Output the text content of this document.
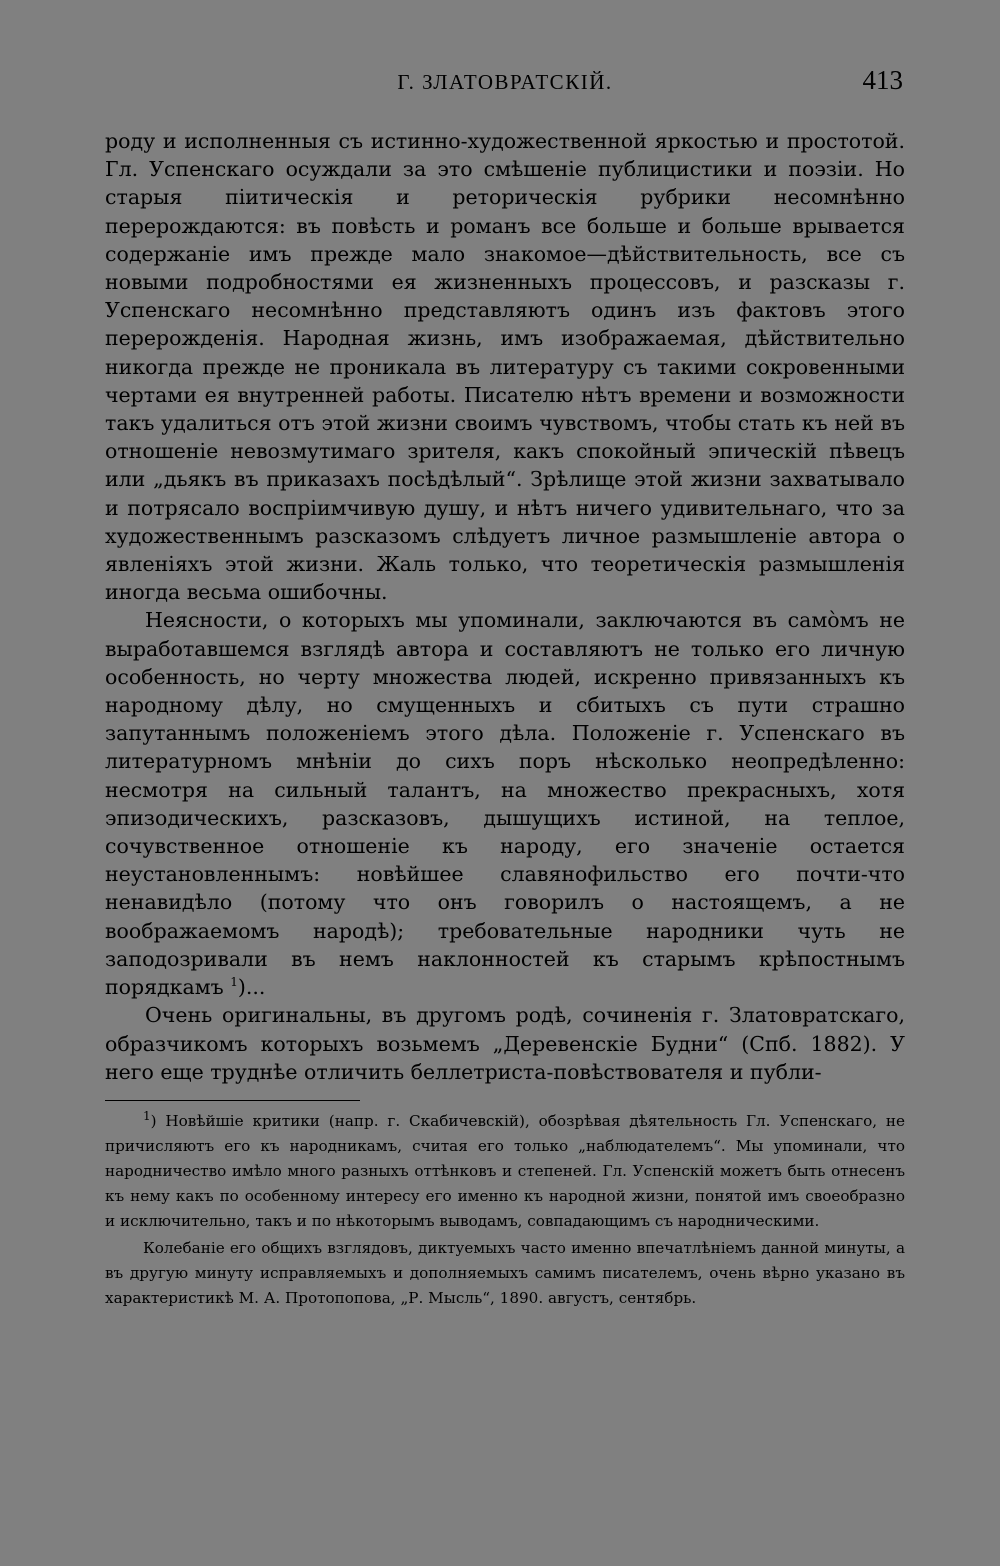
Г. ЗЛАТОВРАТСКІЙ.	413

роду и исполненныя съ истинно-художественной яркостью и простотой. Гл. Успенскаго осуждали за это смѣшеніе публицистики и поэзіи. Но старыя піитическія и реторическія рубрики несомнѣнно перерождаются: въ повѣсть и романъ все больше и больше врывается содержаніе имъ прежде мало знакомое—дѣйствительность, все съ новыми подробностями ея жизненныхъ процессовъ, и разсказы г. Успенскаго несомнѣнно представляютъ одинъ изъ фактовъ этого перерожденія. Народная жизнь, имъ изображаемая, дѣйствительно никогда прежде не проникала въ литературу съ такими сокровенными чертами ея внутренней работы. Писателю нѣтъ времени и возможности такъ удалиться отъ этой жизни своимъ чувствомъ, чтобы стать къ ней въ отношеніе невозмутимаго зрителя, какъ спокойный эпическій пѣвецъ или „дьякъ въ приказахъ посѣдѣлый“. Зрѣлище этой жизни захватывало и потрясало воспріимчивую душу, и нѣтъ ничего удивительнаго, что за художественнымъ разсказомъ слѣдуетъ личное размышленіе автора о явленіяхъ этой жизни. Жаль только, что теоретическія размышленія иногда весьма ошибочны.

Неясности, о которыхъ мы упоминали, заключаются въ самòмъ не выработавшемся взглядѣ автора и составляютъ не только его личную особенность, но черту множества людей, искренно привязанныхъ къ народному дѣлу, но смущенныхъ и сбитыхъ съ пути страшно запутаннымъ положеніемъ этого дѣла. Положеніе г. Успенскаго въ литературномъ мнѣніи до сихъ поръ нѣсколько неопредѣленно: несмотря на сильный талантъ, на множество прекрасныхъ, хотя эпизодическихъ, разсказовъ, дышущихъ истиной, на теплое, сочувственное отношеніе къ народу, его значеніе остается неустановленнымъ: новѣйшее славянофильство его почти-что ненавидѣло (потому что онъ говорилъ о настоящемъ, а не воображаемомъ народѣ); требовательные народники чуть не заподозривали въ немъ наклонностей къ старымъ крѣпостнымъ порядкамъ $^1$)...

Очень оригинальны, въ другомъ родѣ, сочиненія г. Златовратскаго, образчикомъ которыхъ возьмемъ „Деревенскіе Будни“ (Спб. 1882). У него еще труднѣе отличить беллетриста-повѣствователя и публи-

$^1$) Новѣйшіе критики (напр. г. Скабичевскій), обозрѣвая дѣятельность Гл. Успенскаго, не причисляютъ его къ народникамъ, считая его только „наблюдателемъ“. Мы упоминали, что народничество имѣло много разныхъ оттѣнковъ и степеней. Гл. Успенскій можетъ быть отнесенъ къ нему какъ по особенному интересу его именно къ народной жизни, понятой имъ своеобразно и исключительно, такъ и по нѣкоторымъ выводамъ, совпадающимъ съ народническими.

Колебаніе его общихъ взглядовъ, диктуемыхъ часто именно впечатлѣніемъ данной минуты, а въ другую минуту исправляемыхъ и дополняемыхъ самимъ писателемъ, очень вѣрно указано въ характеристикѣ М. А. Протопопова, „Р. Мысль“, 1890. августъ, сентябрь.
